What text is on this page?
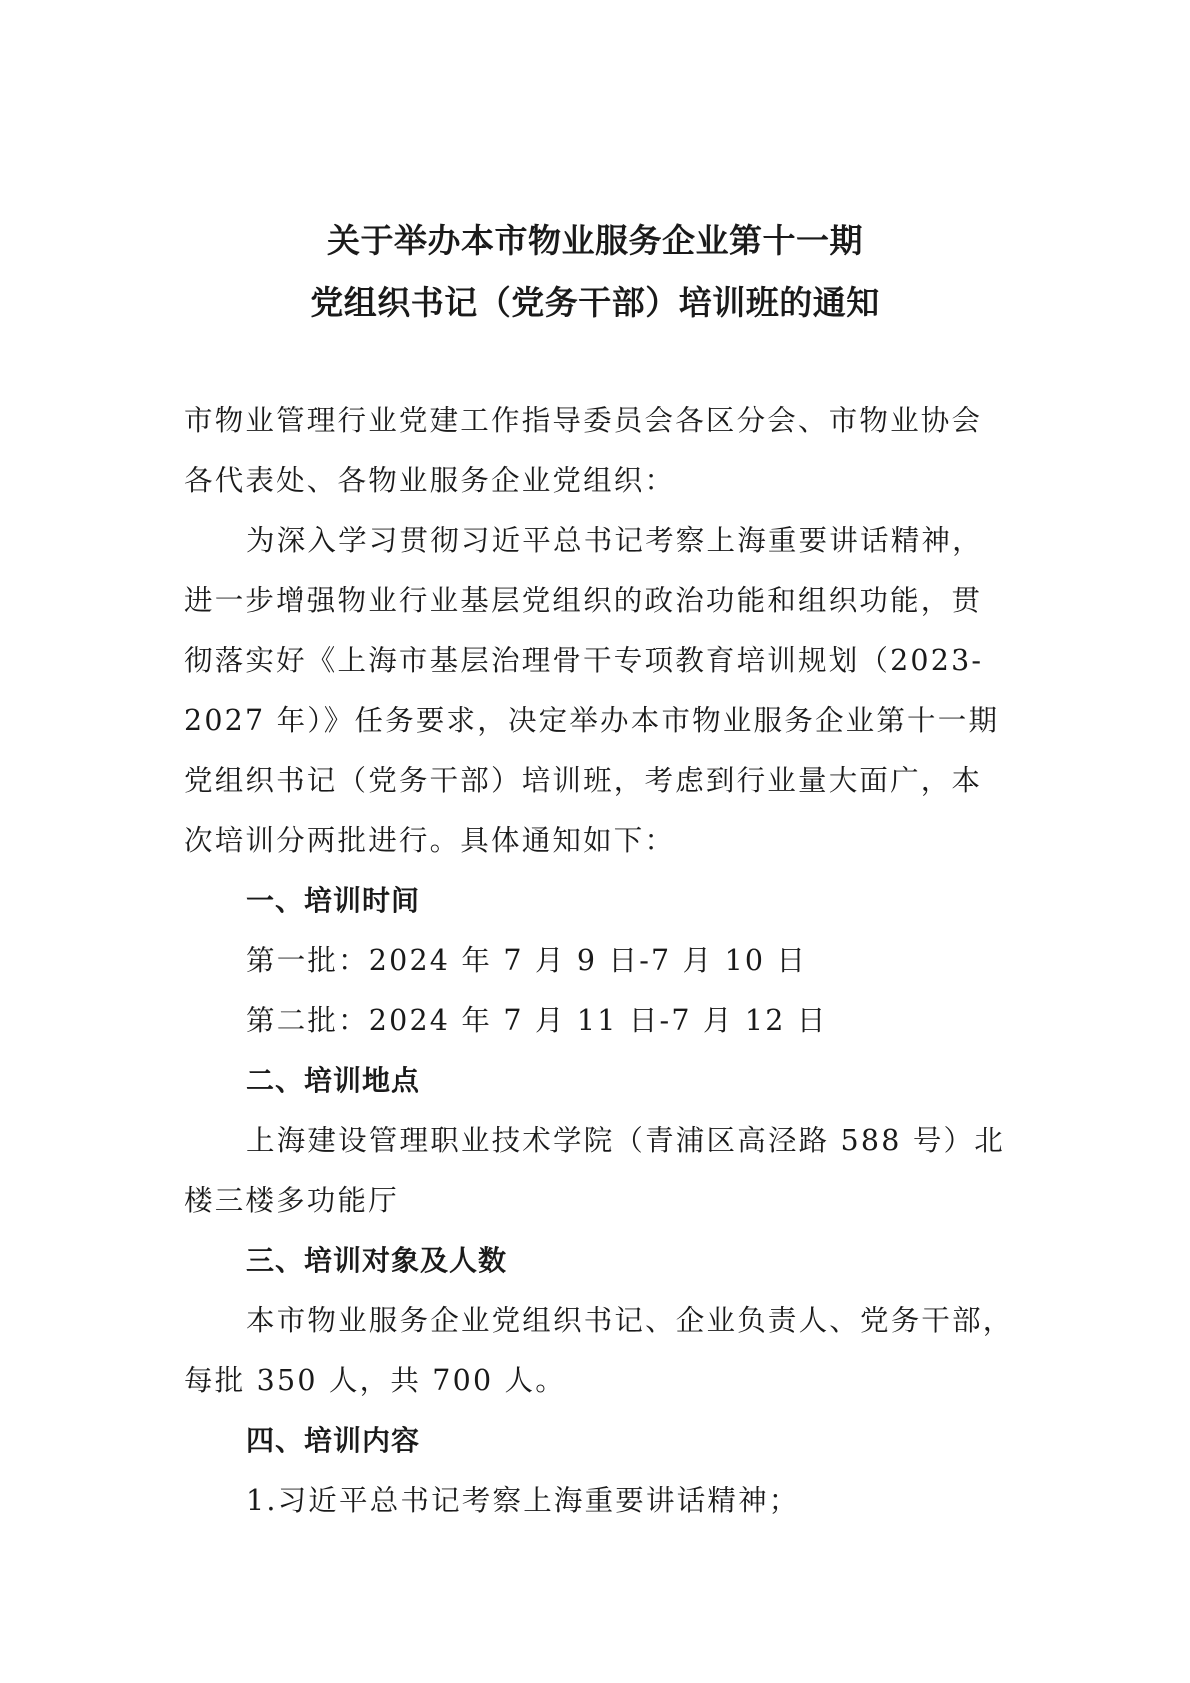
关于举办本市物业服务企业第十一期
党组织书记（党务干部）培训班的通知
市物业管理行业党建工作指导委员会各区分会、市物业协会
各代表处、各物业服务企业党组织：
为深入学习贯彻习近平总书记考察上海重要讲话精神，
进一步增强物业行业基层党组织的政治功能和组织功能，贯
彻落实好《上海市基层治理骨干专项教育培训规划（2023-
2027 年）》任务要求，决定举办本市物业服务企业第十一期
党组织书记（党务干部）培训班，考虑到行业量大面广，本
次培训分两批进行。具体通知如下：
一、培训时间
第一批：2024 年 7 月 9 日-7 月 10 日
第二批：2024 年 7 月 11 日-7 月 12 日
二、培训地点
上海建设管理职业技术学院（青浦区高泾路 588 号）北
楼三楼多功能厅
三、培训对象及人数
本市物业服务企业党组织书记、企业负责人、党务干部，
每批 350 人，共 700 人。
四、培训内容
1.习近平总书记考察上海重要讲话精神；
